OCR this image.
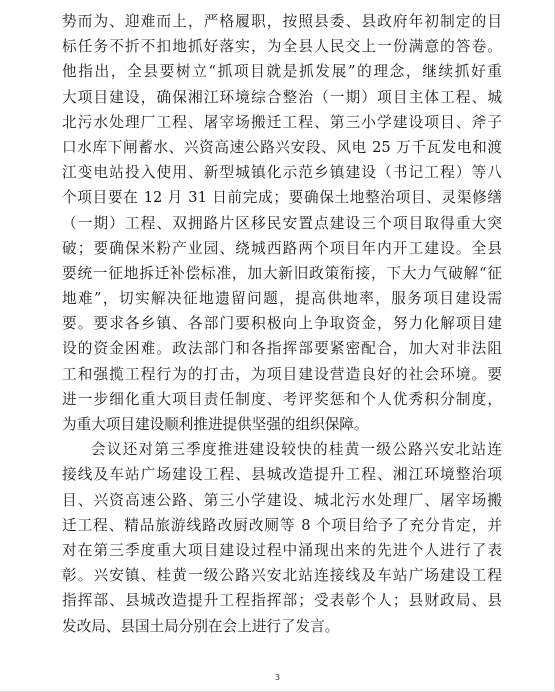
势而为、迎难而上，严格履职，按照县委、县政府年初制定的目
标任务不折不扣地抓好落实，为全县人民交上一份满意的答卷。
他指出，全县要树立“抓项目就是抓发展”的理念，继续抓好重
大项目建设，确保湘江环境综合整治（一期）项目主体工程、城
北污水处理厂工程、屠宰场搬迁工程、第三小学建设项目、斧子
口水库下闸蓄水、兴资高速公路兴安段、风电 25 万千瓦发电和渡
江变电站投入使用、新型城镇化示范乡镇建设（书记工程）等八
个项目要在 12 月 31 日前完成；要确保土地整治项目、灵渠修缮
（一期）工程、双拥路片区移民安置点建设三个项目取得重大突
破；要确保米粉产业园、绕城西路两个项目年内开工建设。全县
要统一征地拆迁补偿标准，加大新旧政策衔接，下大力气破解“征
地难”，切实解决征地遗留问题，提高供地率，服务项目建设需
要。要求各乡镇、各部门要积极向上争取资金，努力化解项目建
设的资金困难。政法部门和各指挥部要紧密配合，加大对非法阻
工和强揽工程行为的打击，为项目建设营造良好的社会环境。要
进一步细化重大项目责任制度、考评奖惩和个人优秀积分制度，
为重大项目建设顺利推进提供坚强的组织保障。
会议还对第三季度推进建设较快的桂黄一级公路兴安北站连
接线及车站广场建设工程、县城改造提升工程、湘江环境整治项
目、兴资高速公路、第三小学建设、城北污水处理厂、屠宰场搬
迁工程、精品旅游线路改厨改厕等 8 个项目给予了充分肯定，并
对在第三季度重大项目建设过程中涌现出来的先进个人进行了表
彰。兴安镇、桂黄一级公路兴安北站连接线及车站广场建设工程
指挥部、县城改造提升工程指挥部；受表彰个人；县财政局、县
发改局、县国土局分别在会上进行了发言。
3
